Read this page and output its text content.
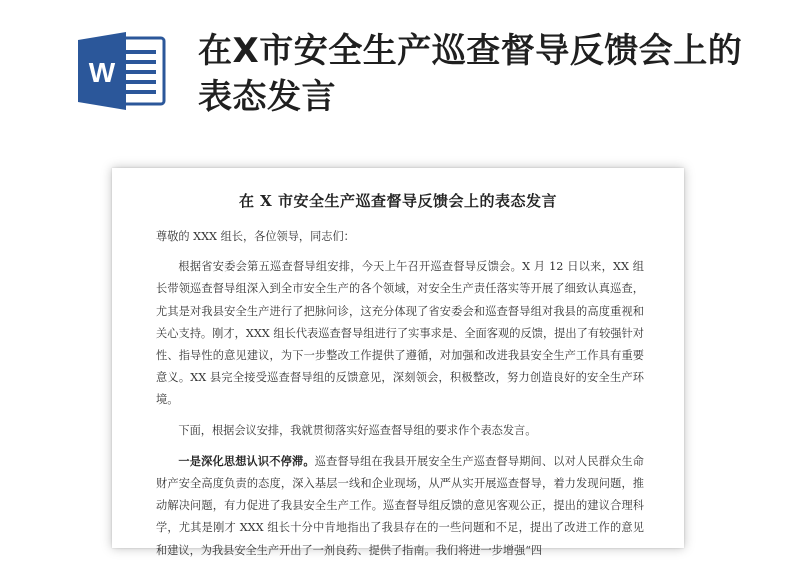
W
在X市安全生产巡查督导反馈会上的表态发言
在 X 市安全生产巡查督导反馈会上的表态发言

尊敬的 XXX 组长，各位领导，同志们：

根据省安委会第五巡查督导组安排，今天上午召开巡查督导反馈会。X 月 12 日以来，XX 组长带领巡查督导组深入到全市安全生产的各个领域，对安全生产责任落实等开展了细致认真巡查，尤其是对我县安全生产进行了把脉问诊，这充分体现了省安委会和巡查督导组对我县的高度重视和关心支持。刚才，XXX 组长代表巡查督导组进行了实事求是、全面客观的反馈，提出了有较强针对性、指导性的意见建议，为下一步整改工作提供了遵循，对加强和改进我县安全生产工作具有重要意义。XX 县完全接受巡查督导组的反馈意见，深刻领会，积极整改，努力创造良好的安全生产环境。

下面，根据会议安排，我就贯彻落实好巡查督导组的要求作个表态发言。

一是深化思想认识不停滞。巡查督导组在我县开展安全生产巡查督导期间、以对人民群众生命财产安全高度负责的态度，深入基层一线和企业现场，从严从实开展巡查督导，着力发现问题，推动解决问题，有力促进了我县安全生产工作。巡查督导组反馈的意见客观公正，提出的建议合理科学，尤其是刚才 XXX 组长十分中肯地指出了我县存在的一些问题和不足，提出了改进工作的意见和建议，为我县安全生产开出了一剂良药、提供了指南。我们将进一步增强“四
